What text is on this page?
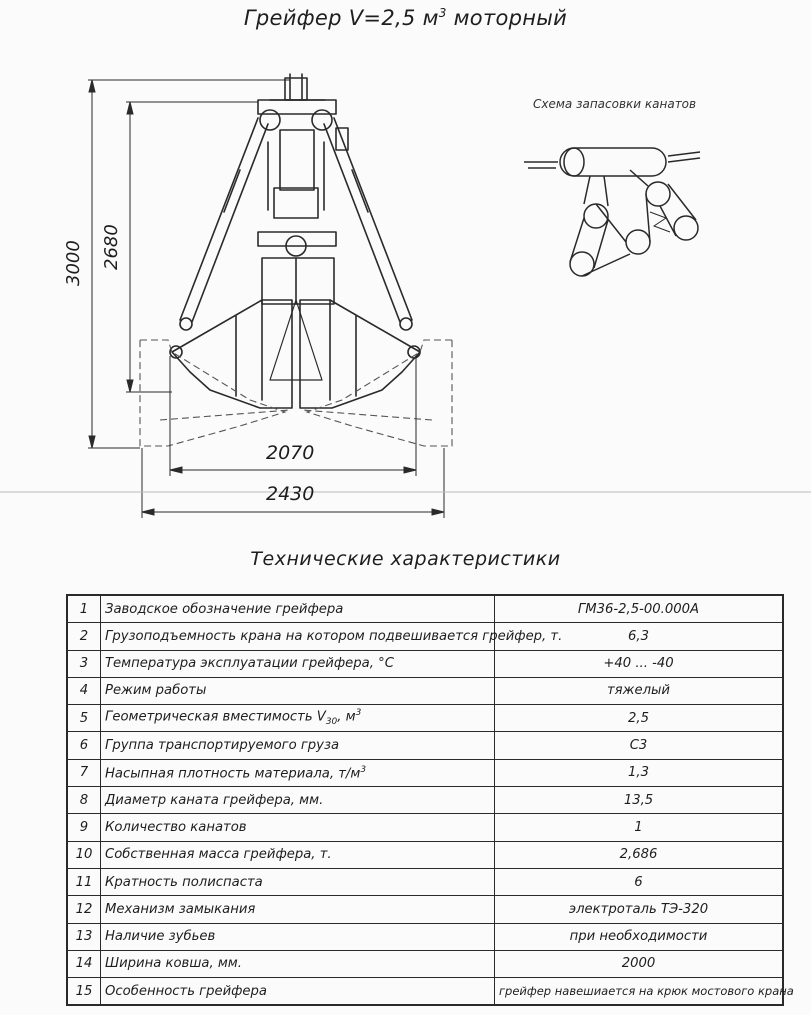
Грейфер V=2,5 $м^3$ моторный
Схема запасовки канатов
3000 2680
2070
2430
Технические характеристики
1	Заводское обозначение грейфера	ГМ36-2,5-00.000А
2	Грузоподъемность крана на котором подвешивается грейфер, т.	6,3
3	Температура эксплуатации грейфера, °С	+40 ... -40
4	Режим работы	тяжелый
5	Геометрическая вместимость $V_{30}$, $м^3$	2,5
6	Группа транспортируемого груза	С3
7	Насыпная плотность материала, $т/м^3$	1,3
8	Диаметр каната грейфера, мм.	13,5
9	Количество канатов	1
10	Собственная масса грейфера, т.	2,686
11	Кратность полиспаста	6
12	Механизм замыкания	электроталь ТЭ-320
13	Наличие зубьев	при необходимости
14	Ширина ковша, мм.	2000
15	Особенность грейфера	грейфер навешиается на крюк мостового крана
